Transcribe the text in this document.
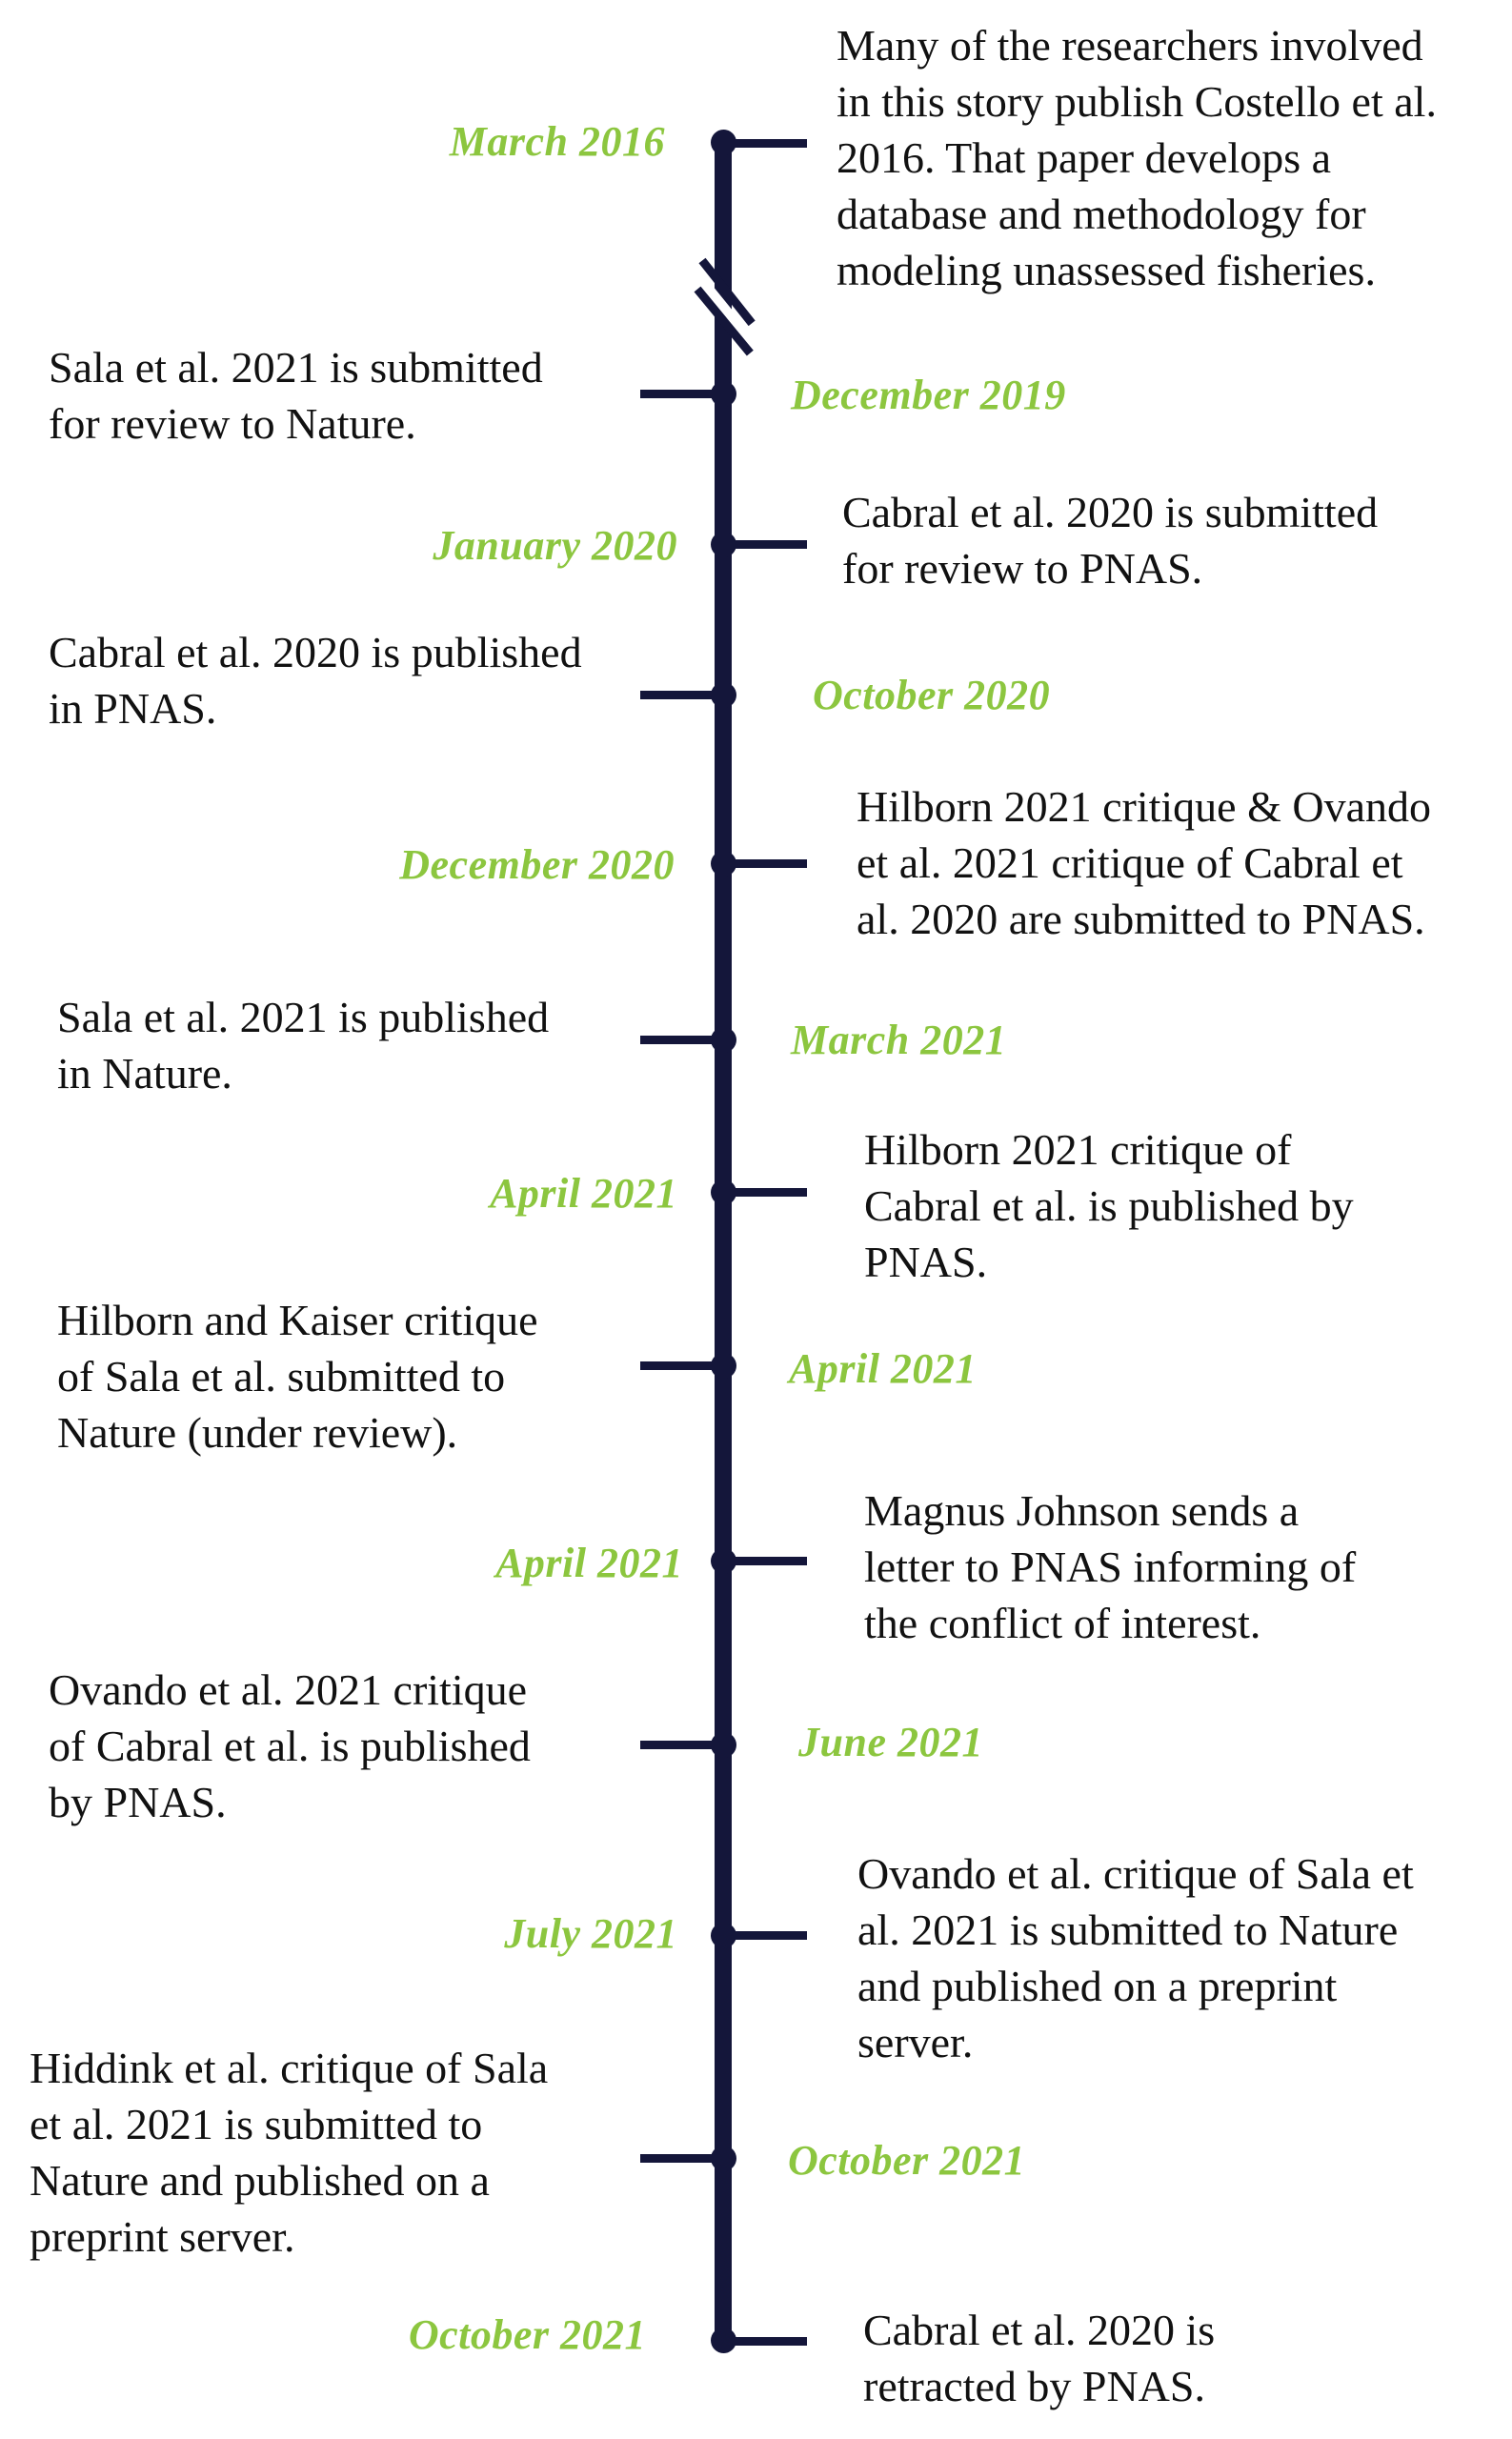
March 2016
Many of the researchers involved
in this story publish Costello et al.
2016. That paper develops a
database and methodology for
modeling unassessed fisheries.
December 2019
Sala et al. 2021 is submitted
for review to Nature.
January 2020
Cabral et al. 2020 is submitted
for review to PNAS.
October 2020
Cabral et al. 2020 is published
in PNAS.
December 2020
Hilborn 2021 critique & Ovando
et al. 2021 critique of Cabral et
al. 2020 are submitted to PNAS.
March 2021
Sala et al. 2021 is published
in Nature.
April 2021
Hilborn 2021 critique of
Cabral et al. is published by
PNAS.
April 2021
Hilborn and Kaiser critique
of Sala et al. submitted to
Nature (under review).
April 2021
Magnus Johnson sends a
letter to PNAS informing of
the conflict of interest.
June 2021
Ovando et al. 2021 critique
of Cabral et al. is published
by PNAS.
July 2021
Ovando et al. critique of Sala et
al. 2021 is submitted to Nature
and published on a preprint
server.
October 2021
Hiddink et al. critique of Sala
et al. 2021 is submitted to
Nature and published on a
preprint server.
October 2021	Cabral et al. 2020 is
retracted by PNAS.
